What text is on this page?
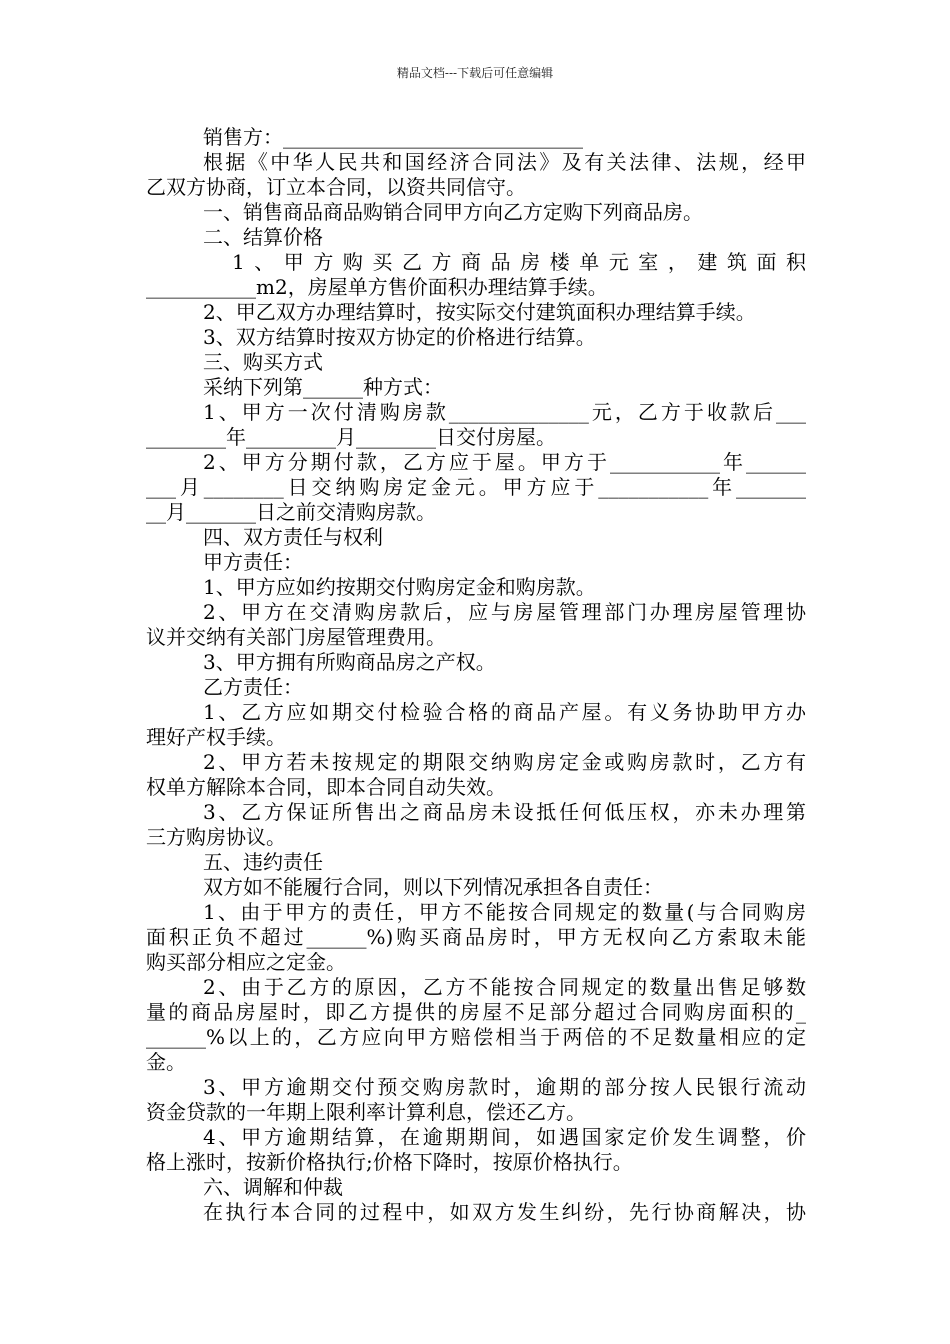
精品文档---下载后可任意编辑
销售方：______________________________
根据《中华人民共和国经济合同法》及有关法律、法规，经甲
乙双方协商，订立本合同，以资共同信守。
一、销售商品商品购销合同甲方向乙方定购下列商品房。
二、结算价格
1、甲方购买乙方商品房楼单元室，建筑面积
___________m2，房屋单方售价面积办理结算手续。
2、甲乙双方办理结算时，按实际交付建筑面积办理结算手续。
3、双方结算时按双方协定的价格进行结算。
三、购买方式
采纳下列第______种方式：
1、甲方一次付清购房款______________元，乙方于收款后___
________年_________月________日交付房屋。
2、甲方分期付款，乙方应于屋。甲方于___________年______
___月________日交纳购房定金元。甲方应于___________年_______
__月_______日之前交清购房款。
四、双方责任与权利
甲方责任：
1、甲方应如约按期交付购房定金和购房款。
2、甲方在交清购房款后，应与房屋管理部门办理房屋管理协
议并交纳有关部门房屋管理费用。
3、甲方拥有所购商品房之产权。
乙方责任：
1、乙方应如期交付检验合格的商品产屋。有义务协助甲方办
理好产权手续。
2、甲方若未按规定的期限交纳购房定金或购房款时，乙方有
权单方解除本合同，即本合同自动失效。
3、乙方保证所售出之商品房未设抵任何低压权，亦未办理第
三方购房协议。
五、违约责任
双方如不能履行合同，则以下列情况承担各自责任：
1、由于甲方的责任，甲方不能按合同规定的数量(与合同购房
面积正负不超过______%)购买商品房时，甲方无权向乙方索取未能
购买部分相应之定金。
2、由于乙方的原因，乙方不能按合同规定的数量出售足够数
量的商品房屋时，即乙方提供的房屋不足部分超过合同购房面积的_
______%以上的，乙方应向甲方赔偿相当于两倍的不足数量相应的定
金。
3、甲方逾期交付预交购房款时，逾期的部分按人民银行流动
资金贷款的一年期上限利率计算利息，偿还乙方。
4、甲方逾期结算，在逾期期间，如遇国家定价发生调整，价
格上涨时，按新价格执行;价格下降时，按原价格执行。
六、调解和仲裁
在执行本合同的过程中，如双方发生纠纷，先行协商解决，协
